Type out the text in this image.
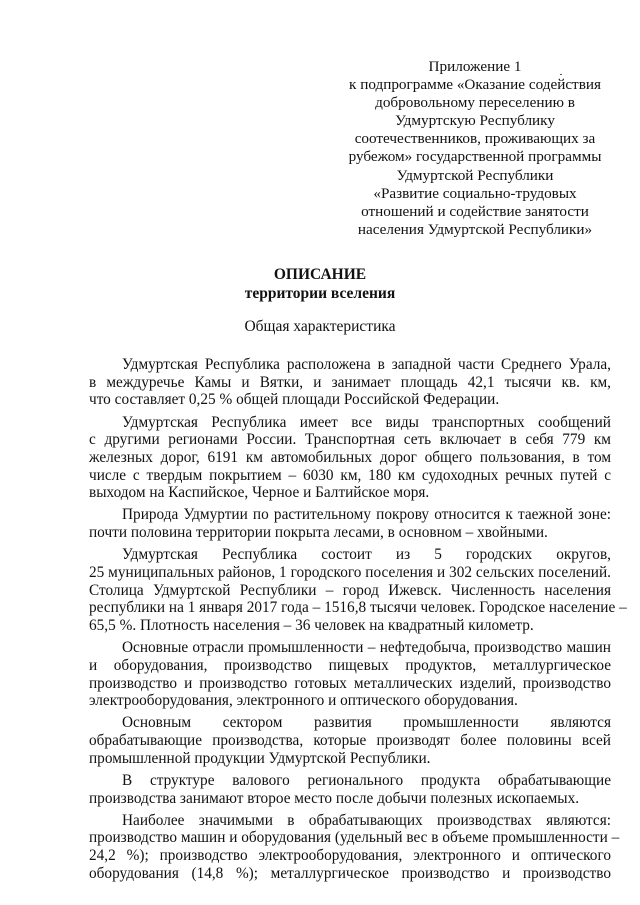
Приложение 1
к подпрограмме «Оказание содействия
добровольному переселению в
Удмуртскую Республику
соотечественников, проживающих за
рубежом» государственной программы
Удмуртской Республики
«Развитие социально-трудовых
отношений и содействие занятости
населения Удмуртской Республики»
ОПИСАНИЕ
территории вселения
Общая характеристика

Удмуртская Республика расположена в западной части Среднего Урала,
в междуречье Камы и Вятки, и занимает площадь 42,1 тысячи кв. км,
что составляет 0,25 % общей площади Российской Федерации.

Удмуртская Республика имеет все виды транспортных сообщений
с другими регионами России. Транспортная сеть включает в себя 779 км
железных дорог, 6191 км автомобильных дорог общего пользования, в том
числе с твердым покрытием – 6030 км, 180 км судоходных речных путей с
выходом на Каспийское, Черное и Балтийское моря.

Природа Удмуртии по растительному покрову относится к таежной зоне:
почти половина территории покрыта лесами, в основном – хвойными.

Удмуртская Республика состоит из 5 городских округов,
25 муниципальных районов, 1 городского поселения и 302 сельских поселений.
Столица Удмуртской Республики – город Ижевск. Численность населения
республики на 1 января 2017 года – 1516,8 тысячи человек. Городское население –
65,5 %. Плотность населения – 36 человек на квадратный километр.

Основные отрасли промышленности – нефтедобыча, производство машин
и оборудования, производство пищевых продуктов, металлургическое
производство и производство готовых металлических изделий, производство
электрооборудования, электронного и оптического оборудования.

Основным сектором развития промышленности являются
обрабатывающие производства, которые производят более половины всей
промышленной продукции Удмуртской Республики.

В структуре валового регионального продукта обрабатывающие
производства занимают второе место после добычи полезных ископаемых.

Наиболее значимыми в обрабатывающих производствах являются:
производство машин и оборудования (удельный вес в объеме промышленности –
24,2 %); производство электрооборудования, электронного и оптического
оборудования (14,8 %); металлургическое производство и производство
